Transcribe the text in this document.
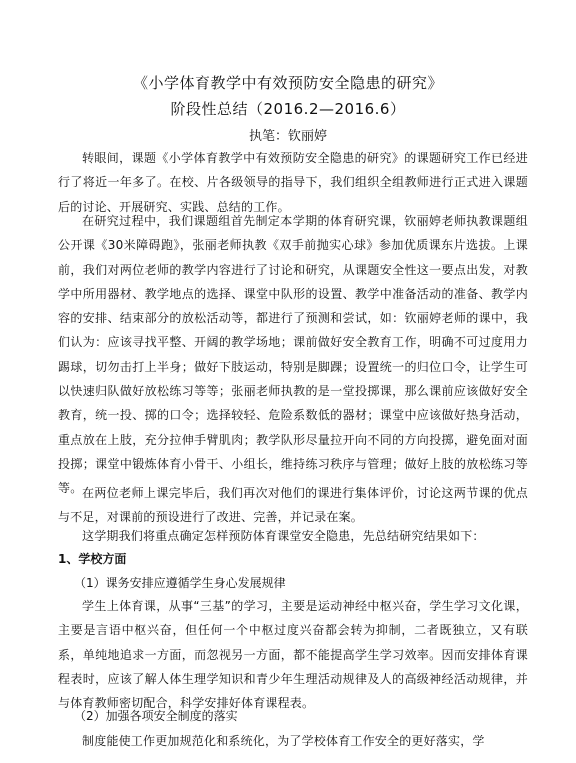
《小学体育教学中有效预防安全隐患的研究》
阶段性总结（2016.2—2016.6）
执笔：钦丽婷

转眼间，课题《小学体育教学中有效预防安全隐患的研究》的课题研究工作已经进行了将近一年多了。在校、片各级领导的指导下，我们组织全组教师进行正式进入课题后的讨论、开展研究、实践、总结的工作。

在研究过程中，我们课题组首先制定本学期的体育研究课，钦丽婷老师执教课题组公开课《30米障碍跑》，张丽老师执教《双手前抛实心球》参加优质课东片选拔。上课前，我们对两位老师的教学内容进行了讨论和研究，从课题安全性这一要点出发，对教学中所用器材、教学地点的选择、课堂中队形的设置、教学中准备活动的准备、教学内容的安排、结束部分的放松活动等，都进行了预测和尝试，如：钦丽婷老师的课中，我们认为：应该寻找平整、开阔的教学场地；课前做好安全教育工作，明确不可过度用力踢球，切勿击打上半身；做好下肢运动，特别是脚踝；设置统一的归位口令，让学生可以快速归队做好放松练习等等；张丽老师执教的是一堂投掷课，那么课前应该做好安全教育，统一投、掷的口令；选择较轻、危险系数低的器材；课堂中应该做好热身活动，重点放在上肢，充分拉伸手臂肌肉；教学队形尽量拉开向不同的方向投掷，避免面对面投掷；课堂中锻炼体育小骨干、小组长，维持练习秩序与管理；做好上肢的放松练习等等。 在两位老师上课完毕后，我们再次对他们的课进行集体评价，讨论这两节课的优点与不足，对课前的预设进行了改进、完善，并记录在案。

这学期我们将重点确定怎样预防体育课堂安全隐患，先总结研究结果如下：

1、学校方面
（1）课务安排应遵循学生身心发展规律

学生上体育课，从事“三基”的学习，主要是运动神经中枢兴奋，学生学习文化课，主要是言语中枢兴奋，但任何一个中枢过度兴奋都会转为抑制，二者既独立，又有联系，单纯地追求一方面，而忽视另一方面，都不能提高学生学习效率。因而安排体育课程表时，应该了解人体生理学知识和青少年生理活动规律及人的高级神经活动规律，并与体育教师密切配合，科学安排好体育课程表。

（2）加强各项安全制度的落实

制度能使工作更加规范化和系统化，为了学校体育工作安全的更好落实，学
